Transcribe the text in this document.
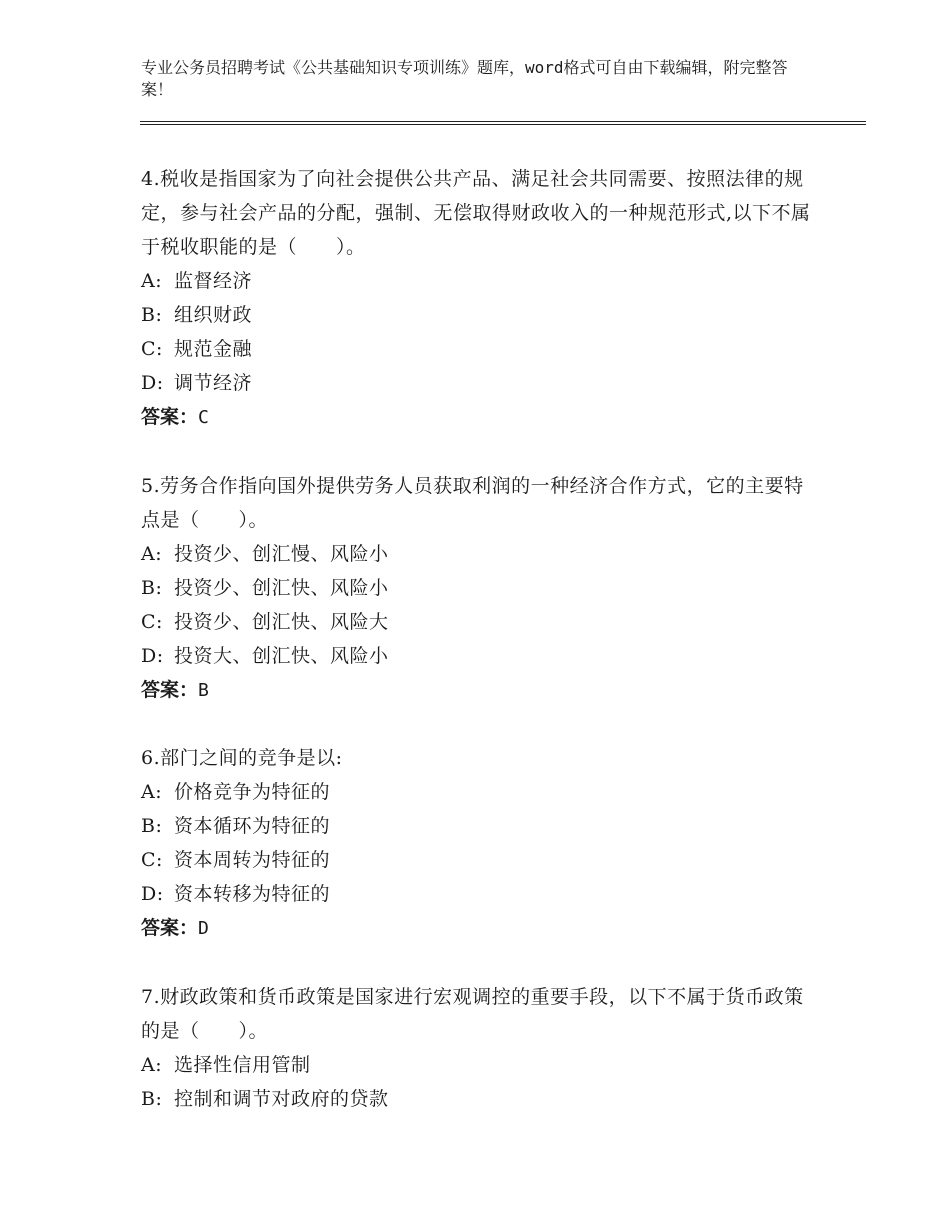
专业公务员招聘考试《公共基础知识专项训练》题库，word格式可自由下载编辑，附完整答案！

4.税收是指国家为了向社会提供公共产品、满足社会共同需要、按照法律的规定，参与社会产品的分配，强制、无偿取得财政收入的一种规范形式,以下不属于税收职能的是（　　）。

A: 监督经济

B: 组织财政

C: 规范金融

D: 调节经济

答案：C

5.劳务合作指向国外提供劳务人员获取利润的一种经济合作方式，它的主要特点是（　　）。

A: 投资少、创汇慢、风险小

B: 投资少、创汇快、风险小

C: 投资少、创汇快、风险大

D: 投资大、创汇快、风险小

答案：B

6.部门之间的竞争是以:

A: 价格竞争为特征的

B: 资本循环为特征的

C: 资本周转为特征的

D: 资本转移为特征的

答案：D

7.财政政策和货币政策是国家进行宏观调控的重要手段，以下不属于货币政策的是（　　）。

A: 选择性信用管制

B: 控制和调节对政府的贷款
